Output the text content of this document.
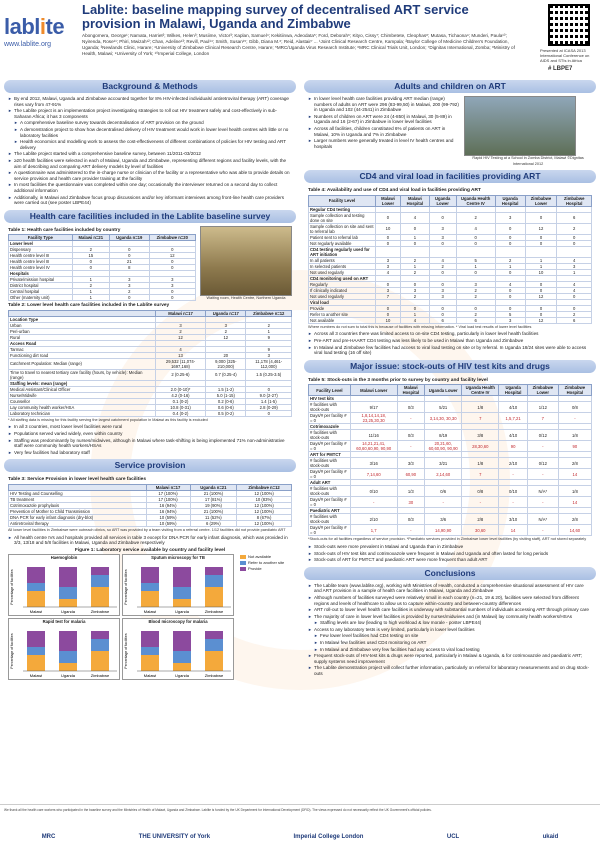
lablite
www.lablite.org
Lablite: baseline mapping survey of decentralised ART service provision in Malawi, Uganda and Zimbabwe
Abongomera, George¹; Namata, Harriet²; Wilkes, Helen³; Musiime, Victor³; Kaplan, Samuel⁴; Kekitiinwa, Adeodata⁵; Ford, Deborah⁶; Kityo, Cissy⁷; Chimbetete, Cleophas⁸; Mutasa, Tichaona⁹; Munderi, Paula¹⁰; Nyirenda, Rose¹¹; Phiri, Mwizah¹²; Chan, Adeline¹³; Revill, Paul¹⁴; Smith, Susan¹⁵; Gibb, Diana M.⁶; Reid, Alastair⁷ ... ¹Joint Clinical Research Centre, Kampala; ²Baylor College of Medicine Children's Foundation, Uganda; ³Newlands Clinic, Harare; ⁴University of Zimbabwe Clinical Research Centre, Harare; ⁵MRC/Uganda Virus Research Institute; ⁶MRC Clinical Trials Unit, London; ⁷Dignitas International, Zomba; ⁸Ministry of Health, Malawi; ⁹University of York; ¹⁰Imperial College, London
Presented at ICASA 2013 International Conference on AIDS and STIs in Africa
# LBPE7
Background & Methods
► By end 2012, Malawi, Uganda and Zimbabwe accounted together for 8% HIV-infected individuals/ antiretroviral therapy (ART) coverage rises vary from 47-91%
► The Lablite project is an implementation project investigating strategies to roll out HIV treatment safely and cost-effectively in sub-Saharan Africa; it has 3 components
► A comprehensive baseline survey towards decentralisation of ART provision on the ground
► A demonstration project to show how decentralised delivery of HIV treatment would work in lower level health centres with little or no laboratory facilities
► Health economics and modelling work to assess the cost-effectiveness of different combinations of policies for HIV testing and ART delivery
► The Lablite project started with a comprehensive baseline survey, between 11/2011-03/2012
► ≥20 health facilities were selected in each of Malawi, Uganda and Zimbabwe, representing different regions and facility levels, with the aim of describing and comparing ART delivery models by level of facilities
► A questionnaire was administered to the in-charge nurse or clinician of the facility or a representative who was able to provide details on service provision and health care provider training at the facility
► In most facilities the questionnaire was completed within one day; occasionally the interviewer returned on a second day to collect additional information
► Additionally, in Malawi and Zimbabwe focus group discussions and/or key informant interviews among front-line health care providers were carried out (see poster LBPE44)
Health care facilities included in the Lablite baseline survey
Table 1: Health care facilities included by country
Facility Type	Malawi n=21	Uganda n=19	Zimbabwe n=20
Lower level			
Dispensary	2	0	0
Health centre level III	15	0	12
Health centre level III	0	21	0
Health centre level IV	0	8	0
Hospitals			
Private/mission hospital	1	3	3
District hospital	2	3	3
Central hospital	1	2	0
Other (maternity unit)	1	0	0	Waiting room, Health Centre, Northern Uganda
Table 2: Lower level health care facilities included in the Lablite survey
	Malawi n=17	Uganda n=17	Zimbabwe n=12
Location Type			
Urban	3	3	2
Peri-urban	2	2	1
Rural	12	12	9
Access Road			
Tarmac	4		9
Functioning dirt road	13	20	3
Catchment Population: Median (range)	29,532 (11,074-1697,168)	9,000 (325-210,000)	11,178 (4,461-112,000)
Time to travel to nearest tertiary care facility (hours, by vehicle): Median (range)	2 (0.25-6)	0.7 (0.25-4)	1.5 (0.25-3.5)
Staffing levels: mean (range)			
Medical Assistant/Clinical Officer	2.0 (0-10)*	1.5 (1-2)	0
Nurse/Midwife	4.2 (0-16)	5.0 (1-15)	9.0 (2-27)
Counsellor	0.1 (0-2)	0.2 (0-6)	1.4 (1-5)
Lay community health worker/HSA	10.8 (0-31)	0.6 (0-6)	2.8 (0-29)
Laboratory technician	0.4 (0-2)	0.5 (0-2)	0
* All staffing data is missing for this facility serving the largest catchment population in Malawi as this facility is excluded
► In all 3 countries, most lower level facilities were rural
► Populations served varied widely, even within country
► Staffing was predominantly by nurses/midwives, although in Malawi where task-shifting is being implemented 71% non-administrative staff were community health workers/HSAs
► Very few facilities had laboratory staff
Service provision
Table 3: Service Provision in lower level health care facilities
	Malawi n=17	Uganda n=21	Zimbabwe n=12
HIV Testing and Counselling	17 (100%)	21 (100%)	12 (100%)
TB treatment	17 (100%)	17 (81%)	10 (83%)
Cotrimoxazole prophylaxis	16 (94%)	19 (90%)	12 (100%)
Prevention of Mother to Child Transmission	16 (94%)	21 (100%)	12 (100%)
DNA PCR for early infant diagnosis (dry-blot)	10 (59%)	11 (52%)	8 (67%)
Antiretroviral therapy	10 (59%)	6 (29%)	12 (100%)
All lower level facilities in Zimbabwe were outreach clinics, so ART was provided by a team visiting from a referral centre. 1/12 facilities did not provide paediatric ART
► All health centre IVs and hospitals provided all services in table 3 except for DNA PCR for early infant diagnosis, which was provided in 3/3, 13/18 and 5/8 facilities in Malawi, Uganda and Zimbabwe respectively
Figure 1: Laboratory service available by country and facility level
Haemoglobin
Malawi	Uganda	Zimbabwe
Percentage of facilities
Sputum microscopy for TB
Malawi	Uganda	Zimbabwe
Percentage of facilities
Rapid test for malaria
Malawi	Uganda	Zimbabwe
Percentage of facilities
Blood microscopy for malaria
Malawi	Uganda	Zimbabwe
Percentage of facilities
Not available
Refer to another site
Provide
Adults and children on ART
► In lower level health care facilities providing ART median (range) numbers of adults on ART were 296 (83-99,50) in Malawi, 200 (99-792) in Uganda and 102 (44-2541) in Zimbabwe
► Numbers of children on ART were 24 (4-850) in Malawi, 30 (5-89) in Uganda and 16 (2-67) in Zimbabwe in lower level facilities
► Across all facilities, children constituted 6% of patients on ART in Malawi, 10% in Uganda and 7% in Zimbabwe
► Larger numbers were generally treated in level IV health centres and hospitals
Rapid HIV Testing at a School in Zomba District, Malawi ©Dignitas International 2012
CD4 and viral load in facilities providing ART
Table 4: Availability and use of CD4 and viral load in facilities providing ART
Facility Level	Malawi Lower	Malawi Hospital	Uganda Lower	Uganda Health Centre IV	Uganda Hospital	Zimbabwe Lower	Zimbabwe Hospital
Regular CD4 testing							
Sample collection and testing done on site	0	4	0	2	3	0	6
Sample collection on site and sent to referral lab	10	0	3	4	0	12	2
Patient sent to referral lab	0	1	3	0	0	0	0
Not regularly available	0	0	0	0	0	0	0
CD4 testing regularly used for ART initiation							
In all patients	3	2	4	5	2	1	4
In selected patients	3	1	2	1	1	1	3
Not used regularly	4	2	0	0	0	10	1
CD4 monitoring used on ART							
Regularly	0	0	0	3	4	0	4
If clinically indicated	3	3	3	2	0	0	4
Not used regularly	7	2	3	2	0	12	0
Viral load							
Provide	0	0	0	0	0	0	0
Refer to another site	0	1	0	2	5	0	2
Not available	10	4	6	6	3	12	6
Where numbers do not sum to total this is because of facilities with missing information. * Viral load test results of lower level facilities
► Across all 3 countries there was limited access to on-site CD4 testing, particularly in lower level health facilities
► Pre-ART and pre-HAART CD4 testing was less likely to be used in Malawi than Uganda and Zimbabwe
► In Malawi and Zimbabwe few facilities had access to viral load testing on site or by referral. In Uganda 18/24 sites were able to access viral load testing (16 off site)
Major issue: stock-outs of HIV test kits and drugs
Table 5: Stock-outs in the 3 months prior to survey by country and facility level
Facility Level	Malawi Lower	Malawi Hospital	Uganda Lower	Uganda Health Centre IV	Uganda Hospital	Zimbabwe Lower	Zimbabwe Hospital
HIV test kits							
# facilities with stock-outs	9/17	0/3	5/21	1/8	4/10	1/12	0/8
Days/# per facility # = 0	1,8,14,14,18, 23,25,30,30	-	3,14,30, 30,30	7	1,5,7,21	7	-
Cotrimoxazole							
# facilities with stock-outs	11/16	0/3	8/19	3/8	4/10	0/12	1/8
Days/# per facility # = 0	14,21,21,41, 60,60,60,90, 90,90	-	20,21,60, 60,60,90, 90,90	28,30,60	90	-	90
ART for PMTCT							
# facilities with stock-outs	3/16	3/3	3/21	1/8	2/10	0/12	2/8
Days/# per facility # = 0	7,14,60	60,90	2,14,60	7	-	-	14
Adult ART							
# facilities with stock-outs	0/10	1/3	0/6	0/8	0/10	N/A*	1/8
Days/# per facility # = 0	-	30	-	-	-	-	14
Paediatric ART							
# facilities with stock-outs	2/10	0/3	3/6	2/8	3/10	N/A*	2/8
Days/# per facility # = 0	1,7	-	14,90,90	30,60	14	-	14,60
*Stock-outs for all facilities regardless of service provision. *Paediatric services provided in Zimbabwe lower level facilities (by visiting staff), ART not stored separately
► Stock-outs were more prevalent in Malawi and Uganda than in Zimbabwe
► Stock-outs of HIV test kits and cotrimoxazole were frequent in Malawi and Uganda and often lasted for long periods
► Stock-outs of ART for PMTCT and paediatric ART were more frequent than adult ART
Conclusions
► The Lablite team (www.lablite.org), working with Ministries of Health, conducted a comprehensive situational assessment of HIV care and ART provision in a sample of health care facilities in Malawi, Uganda and Zimbabwe
► Although numbers of facilities surveyed were relatively small in each country (n=21, 19 & 20), facilities were selected from different regions and levels of healthcare to allow us to capture within-country and between-country differences
► ART roll-out to lower level health care facilities is underway with substantial numbers of individuals accessing ART through primary care
► The majority of care in lower level facilities is provided by nurses/midwives and (in Malawi) lay community health workers/HSAs
► Staffing levels are low (leading to high workload & low morale - poster LBPE44)
► Access to any laboratory tests is very limited, particularly in lower level facilities
► Few lower level facilities had CD4 testing on site
► In Malawi few facilities used CD4 monitoring on ART
► In Malawi and Zimbabwe very few facilities had any access to viral load testing
► Frequent stock-outs of HIV-test kits & drugs were reported, particularly in Malawi & Uganda, & for cotrimoxazole and paediatric ART; supply systems need improvement
► The Lablite demonstration project will collect further information, particularly on referral for laboratory measurements and on drug stock-outs
We thank all the health care workers who participated in the baseline survey and the Ministries of Health of Malawi, Uganda and Zimbabwe. Lablite is funded by the UK Department for International Development (DFID). The views expressed do not necessarily reflect the UK Government's official policies.
MRC	THE UNIVERSITY of York	Imperial College London	UCL	ukaid
